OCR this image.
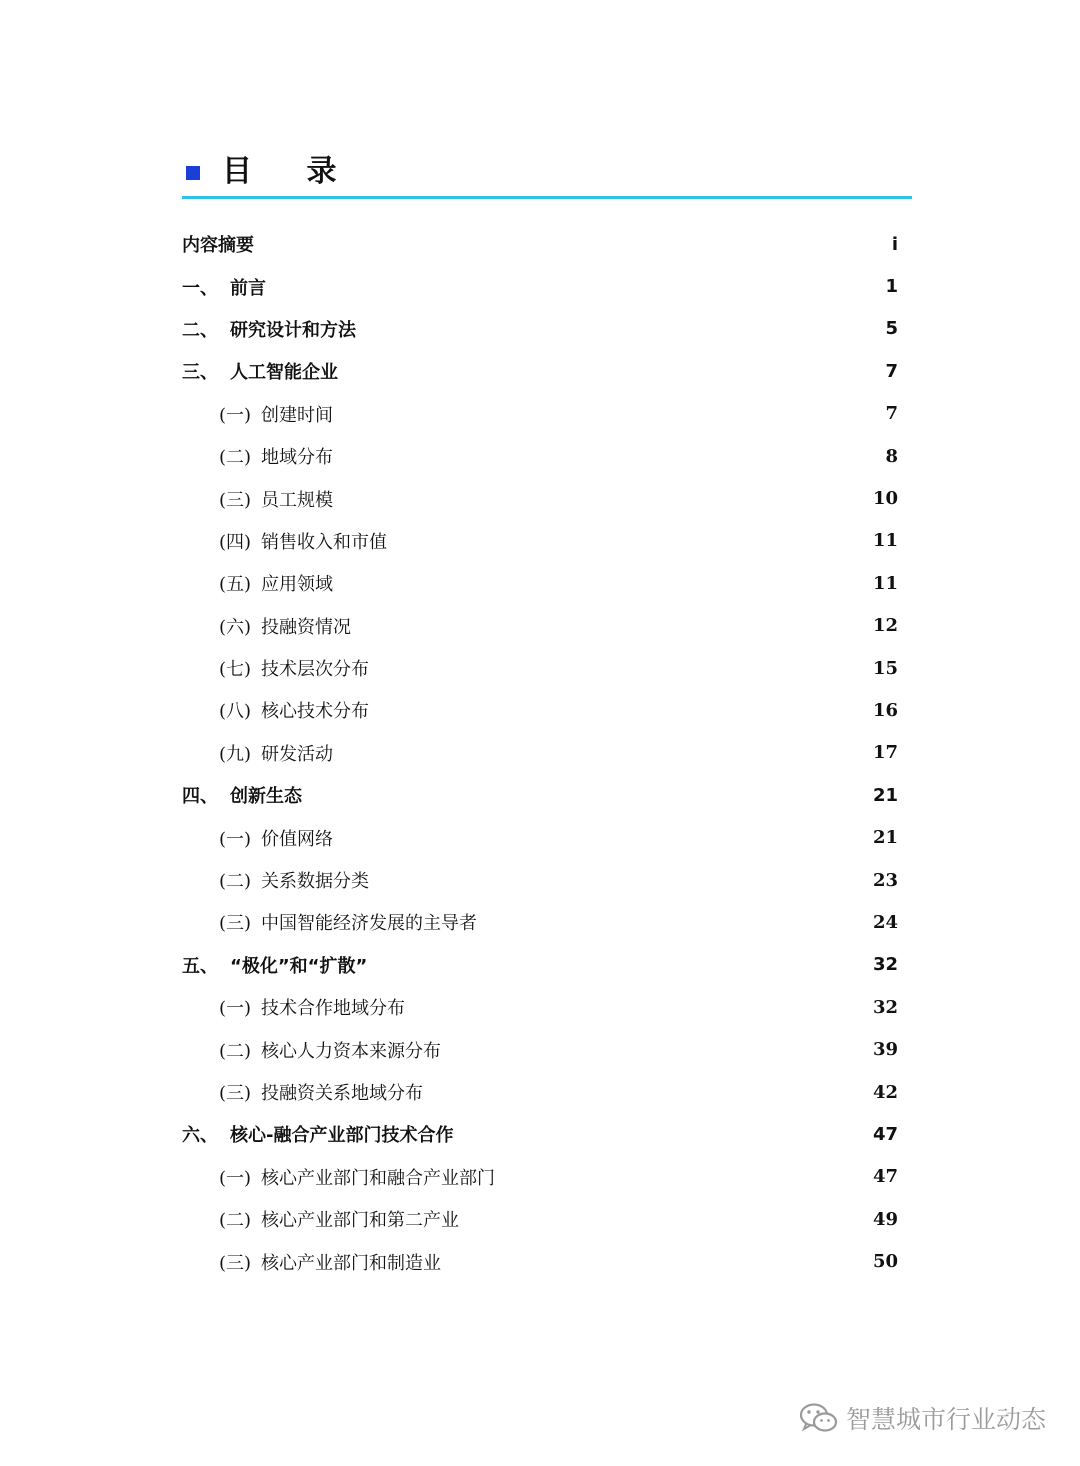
目 录
内容摘要	i
一、 前言	1
二、 研究设计和方法	5
三、 人工智能企业	7
(一) 创建时间	7
(二) 地域分布	8
(三) 员工规模	10
(四) 销售收入和市值	11
(五) 应用领域	11
(六) 投融资情况	12
(七) 技术层次分布	15
(八) 核心技术分布	16
(九) 研发活动	17
四、 创新生态	21
(一) 价值网络	21
(二) 关系数据分类	23
(三) 中国智能经济发展的主导者	24
五、 “极化”和“扩散”	32
(一) 技术合作地域分布	32
(二) 核心人力资本来源分布	39
(三) 投融资关系地域分布	42
六、 核心-融合产业部门技术合作	47
(一) 核心产业部门和融合产业部门	47
(二) 核心产业部门和第二产业	49
(三) 核心产业部门和制造业	50
智慧城市行业动态
